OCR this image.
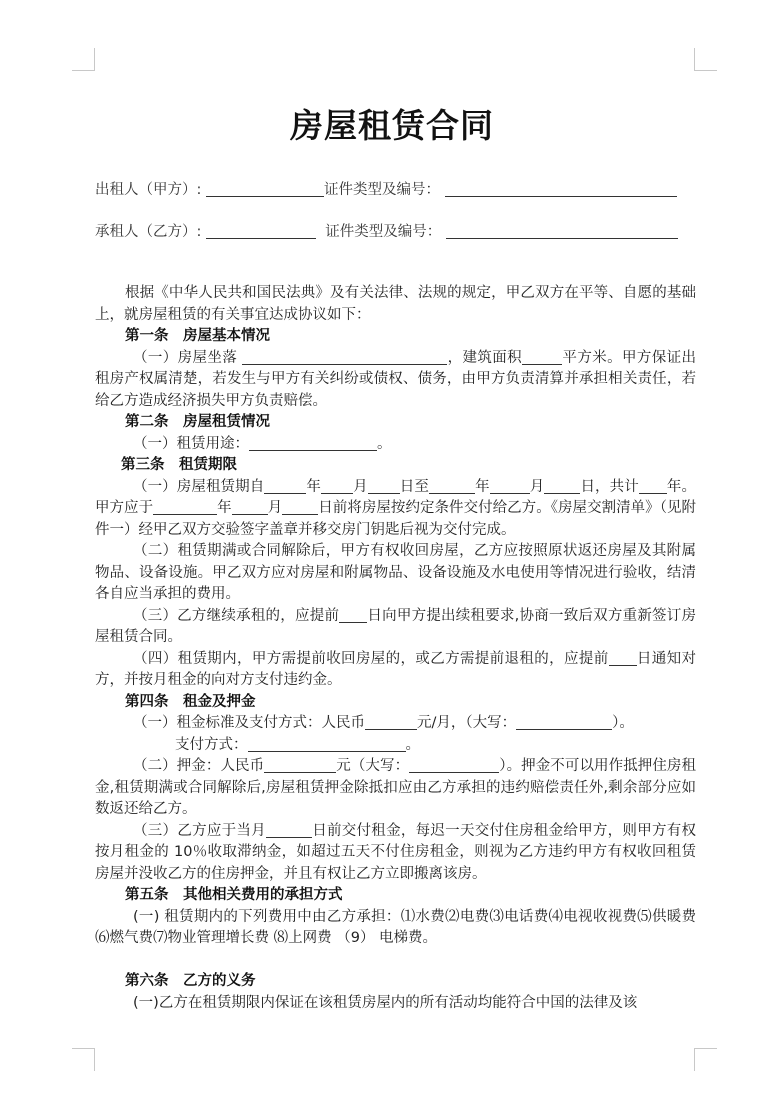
房屋租赁合同
出租人（甲方）:	证件类型及编号：
承租人（乙方）:	证件类型及编号：

根据《中华人民共和国民法典》及有关法律、法规的规定，甲乙双方在平等、自愿的基础上，就房屋租赁的有关事宜达成协议如下：

第一条　房屋基本情况

（一）房屋坐落	，建筑面积	平方米。甲方保证出租房产权属清楚，若发生与甲方有关纠纷或债权、债务，由甲方负责清算并承担相关责任，若给乙方造成经济损失甲方负责赔偿。

第二条　房屋租赁情况

（一）租赁用途：	。

第三条　租赁期限

（一）房屋租赁期自	年 月 日至	年	月 日，共计 年。甲方应于	年 月 日前将房屋按约定条件交付给乙方。《房屋交割清单》（见附件一）经甲乙双方交验签字盖章并移交房门钥匙后视为交付完成。

（二）租赁期满或合同解除后，甲方有权收回房屋，乙方应按照原状返还房屋及其附属物品、设备设施。甲乙双方应对房屋和附属物品、设备设施及水电使用等情况进行验收，结清各自应当承担的费用。

（三）乙方继续承租的，应提前 日向甲方提出续租要求,协商一致后双方重新签订房屋租赁合同。

（四）租赁期内，甲方需提前收回房屋的，或乙方需提前退租的，应提前 日通知对方，并按月租金的向对方支付违约金。

第四条　租金及押金

（一）租金标准及支付方式：人民币	元/月，（大写：	）。

支付方式：	。

（二）押金：人民币	元（大写：	）。押金不可以用作抵押住房租金,租赁期满或合同解除后,房屋租赁押金除抵扣应由乙方承担的违约赔偿责任外,剩余部分应如数返还给乙方。

（三）乙方应于当月	日前交付租金，每迟一天交付住房租金给甲方，则甲方有权按月租金的 10％收取滞纳金，如超过五天不付住房租金，则视为乙方违约甲方有权收回租赁房屋并没收乙方的住房押金，并且有权让乙方立即搬离该房。

第五条　其他相关费用的承担方式

(一) 租赁期内的下列费用中由乙方承担：⑴水费⑵电费⑶电话费⑷电视收视费⑸供暖费⑹燃气费⑺物业管理增长费 ⑻上网费 （9） 电梯费。

第六条　乙方的义务

(一)乙方在租赁期限内保证在该租赁房屋内的所有活动均能符合中国的法律及该
